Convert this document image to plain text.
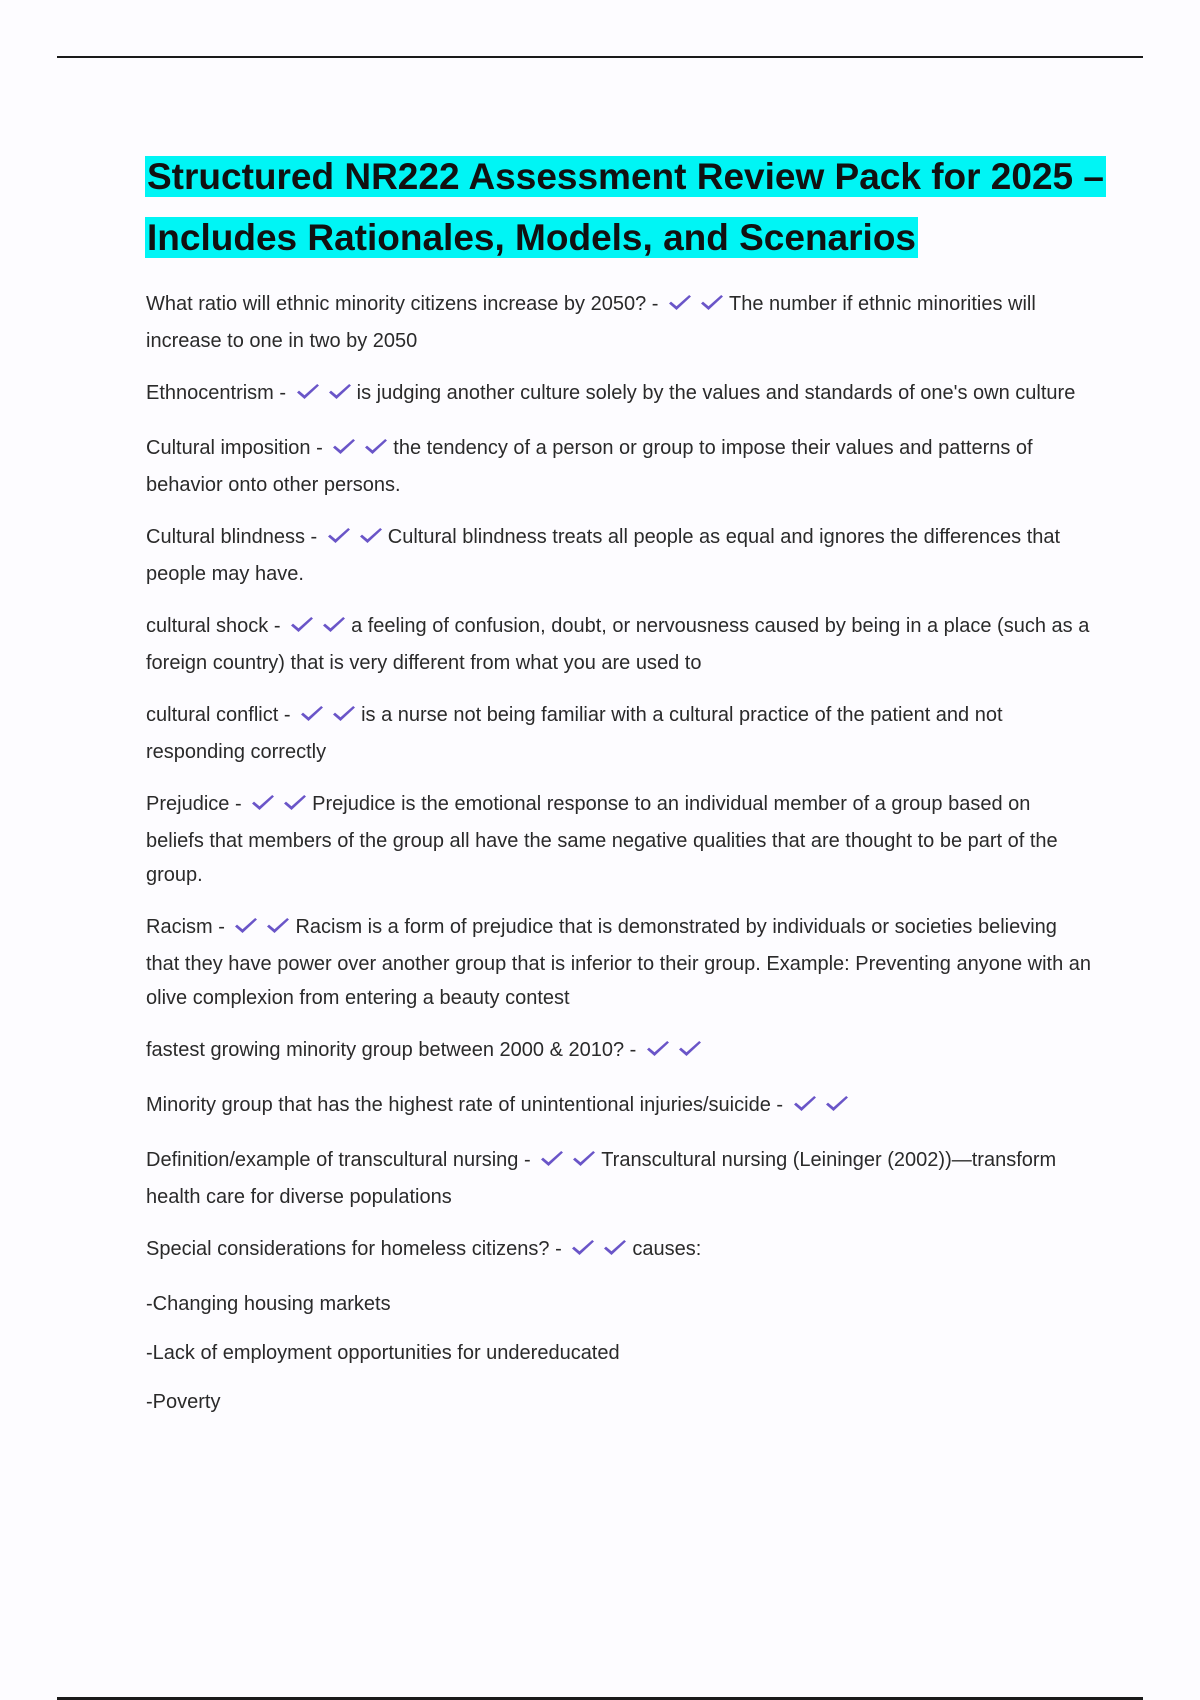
Structured NR222 Assessment Review Pack for 2025 – Includes Rationales, Models, and Scenarios

What ratio will ethnic minority citizens increase by 2050? -	The number if ethnic minorities will increase to one in two by 2050

Ethnocentrism -	is judging another culture solely by the values and standards of one's own culture

Cultural imposition -	the tendency of a person or group to impose their values and patterns of behavior onto other persons.

Cultural blindness -	Cultural blindness treats all people as equal and ignores the differences that people may have.

cultural shock -	a feeling of confusion, doubt, or nervousness caused by being in a place (such as a foreign country) that is very different from what you are used to

cultural conflict -	is a nurse not being familiar with a cultural practice of the patient and not responding correctly

Prejudice -	Prejudice is the emotional response to an individual member of a group based on beliefs that members of the group all have the same negative qualities that are thought to be part of the group.

Racism -	Racism is a form of prejudice that is demonstrated by individuals or societies believing that they have power over another group that is inferior to their group. Example: Preventing anyone with an olive complexion from entering a beauty contest

fastest growing minority group between 2000 & 2010? -

Minority group that has the highest rate of unintentional injuries/suicide -

Definition/example of transcultural nursing -	Transcultural nursing (Leininger (2002))—transform health care for diverse populations

Special considerations for homeless citizens? -	causes:

-Changing housing markets

-Lack of employment opportunities for undereducated

-Poverty
